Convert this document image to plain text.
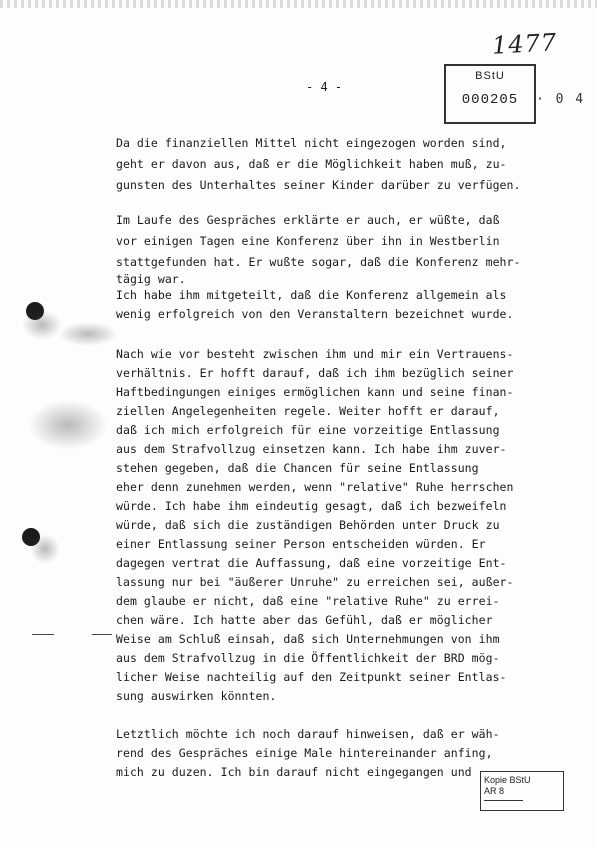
1477
BStU
000205	· 0 4
- 4 -
Da die finanziellen Mittel nicht eingezogen worden sind,
geht er davon aus, daß er die Möglichkeit haben muß, zu-
gunsten des Unterhaltes seiner Kinder darüber zu verfügen.
Im Laufe des Gespräches erklärte er auch, er wüßte, daß
vor einigen Tagen eine Konferenz über ihn in Westberlin
stattgefunden hat. Er wußte sogar, daß die Konferenz mehr-
tägig war.
Ich habe ihm mitgeteilt, daß die Konferenz allgemein als
wenig erfolgreich von den Veranstaltern bezeichnet wurde.
Nach wie vor besteht zwischen ihm und mir ein Vertrauens-
verhältnis. Er hofft darauf, daß ich ihm bezüglich seiner
Haftbedingungen einiges ermöglichen kann und seine finan-
ziellen Angelegenheiten regele. Weiter hofft er darauf,
daß ich mich erfolgreich für eine vorzeitige Entlassung
aus dem Strafvollzug einsetzen kann. Ich habe ihm zuver-
stehen gegeben, daß die Chancen für seine Entlassung
eher denn zunehmen werden, wenn "relative" Ruhe herrschen
würde. Ich habe ihm eindeutig gesagt, daß ich bezweifeln
würde, daß sich die zuständigen Behörden unter Druck zu
einer Entlassung seiner Person entscheiden würden. Er
dagegen vertrat die Auffassung, daß eine vorzeitige Ent-
lassung nur bei "äußerer Unruhe" zu erreichen sei, außer-
dem glaube er nicht, daß eine "relative Ruhe" zu errei-
chen wäre. Ich hatte aber das Gefühl, daß er möglicher
Weise am Schluß einsah, daß sich Unternehmungen von ihm
aus dem Strafvollzug in die Öffentlichkeit der BRD mög-
licher Weise nachteilig auf den Zeitpunkt seiner Entlas-
sung auswirken könnten.
Letztlich möchte ich noch darauf hinweisen, daß er wäh-
rend des Gespräches einige Male hintereinander anfing,
mich zu duzen. Ich bin darauf nicht eingegangen und
Kopie BStU
AR 8
